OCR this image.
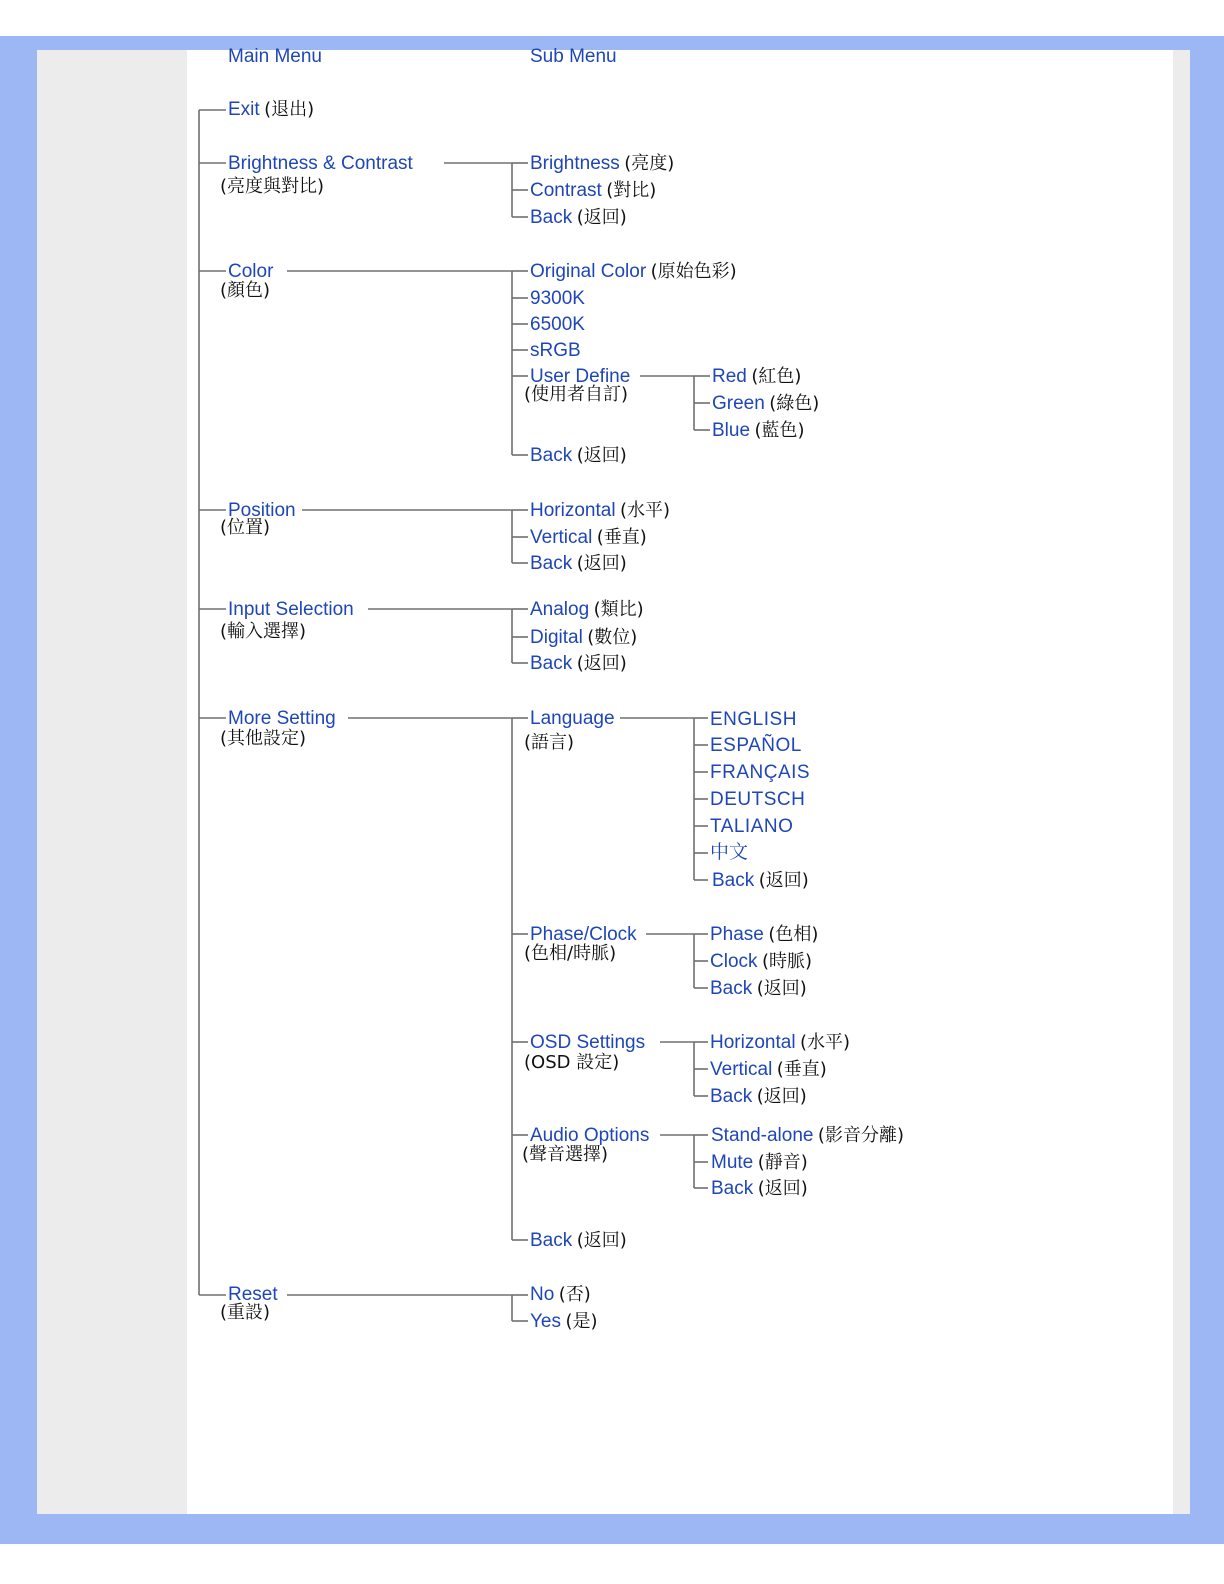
Main Menu	Sub Menu
Exit (退出)
Brightness & Contrast
(亮度與對比)
Color
(顏色)
Position
(位置)
Input Selection
(輸入選擇)
More Setting
(其他設定)
Reset
(重設)
Brightness (亮度)
Contrast (對比)
Back (返回)
Original Color (原始色彩)
9300K
6500K
sRGB
User Define
(使用者自訂)
Back (返回)
Red (紅色)
Green (綠色)
Blue (藍色)
Horizontal (水平)
Vertical (垂直)
Back (返回)
Analog (類比)
Digital (數位)
Back (返回)
Language
(語言)
Phase/Clock
(色相/時脈)
OSD Settings
(OSD 設定)
Audio Options
(聲音選擇)
Back (返回)
ENGLISH
ESPAÑOL
FRANÇAIS
DEUTSCH
TALIANO
中文
Back (返回)
Phase (色相)
Clock (時脈)
Back (返回)
Horizontal (水平)
Vertical (垂直)
Back (返回)
Stand-alone (影音分離)
Mute (靜音)
Back (返回)
No (否)
Yes (是)
